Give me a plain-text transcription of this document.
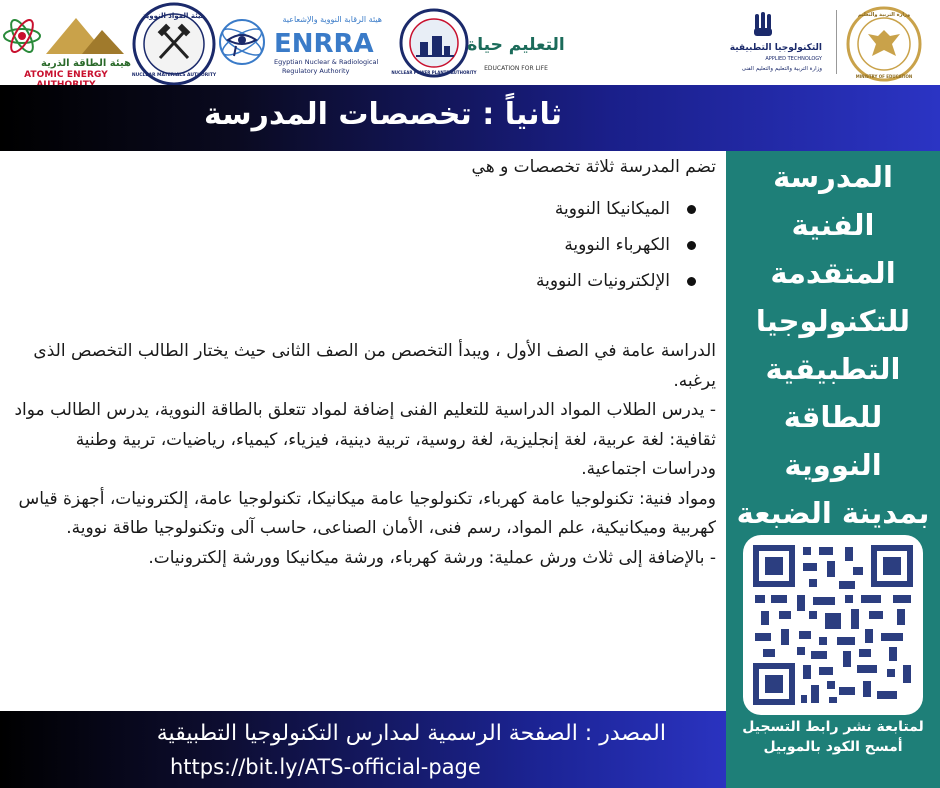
هيئة الطاقة الذرية
ATOMIC ENERGY
هيئة المواد النووية
NUCLEAR MATERIALS AUTHORITY
هيئة الرقابة النووية والإشعاعية
ENRRA
Egyptian Nuclear & Radiological
Regulatory Authority	NUCLEAR POWER PLANTS AUTHORITY
التعليم حياة
EDUCATION FOR LIFE
التكنولوجيا التطبيقية
APPLIED TECHNOLOGY
وزارة التربية والتعليم والتعليم الفنى
وزارة التربية والتعليم
MINISTRY OF EDUCATION
ثانياً : تخصصات المدرسة
تضم المدرسة ثلاثة تخصصات و هي
الميكانيكا النووية
الكهرباء النووية
الإلكترونيات النووية

الدراسة عامة في الصف الأول ، ويبدأ التخصص من الصف الثانى حيث يختار الطالب التخصص الذى يرغبه.

- يدرس الطلاب المواد الدراسية للتعليم الفنى إضافة لمواد تتعلق بالطاقة النووية، يدرس الطالب مواد ثقافية: لغة عربية، لغة إنجليزية، لغة روسية، تربية دينية، فيزياء، كيمياء، رياضيات، تربية وطنية ودراسات اجتماعية.

ومواد فنية: تكنولوجيا عامة كهرباء، تكنولوجيا عامة ميكانيكا، تكنولوجيا عامة، إلكترونيات، أجهزة قياس كهربية وميكانيكية، علم المواد، رسم فنى، الأمان الصناعى، حاسب آلى وتكنولوجيا طاقة نووية.

- بالإضافة إلى ثلاث ورش عملية: ورشة كهرباء، ورشة ميكانيكا وورشة إلكترونيات.

المدرسة
الفنية
المتقدمة
للتكنولوجيا
التطبيقية
للطاقة
النووية
بمدينة الضبعة
لمتابعة نشر رابط التسجيل
أمسح الكود بالموبيل
المصدر : الصفحة الرسمية لمدارس التكنولوجيا التطبيقية
https://bit.ly/ATS-official-page
